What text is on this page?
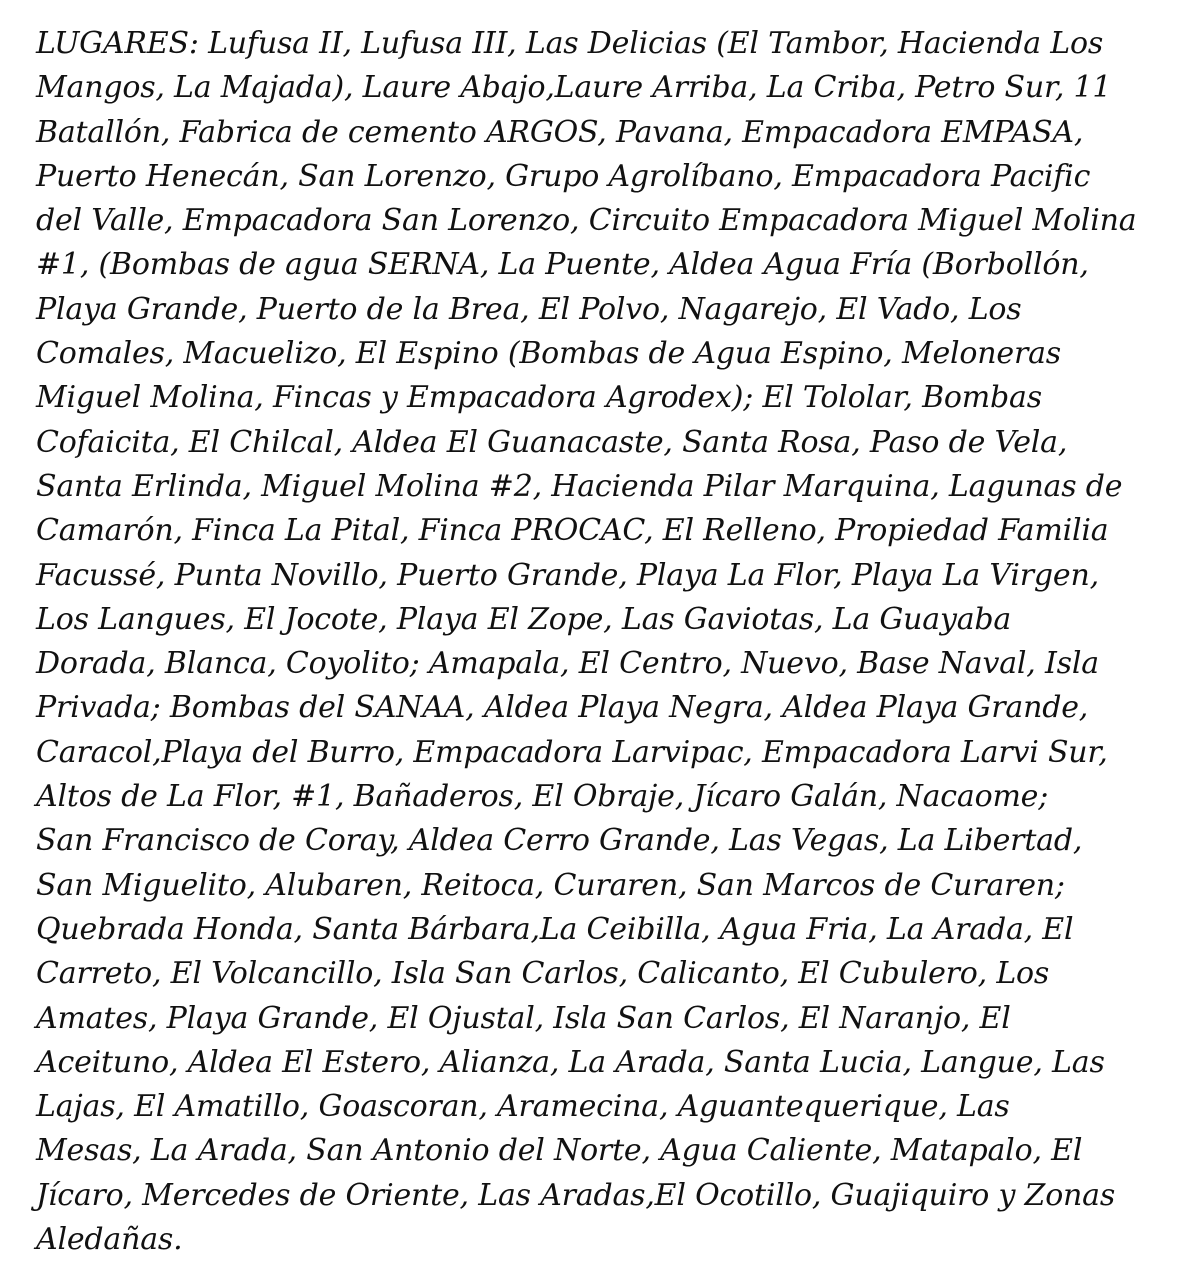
LUGARES: Lufusa II, Lufusa III, Las Delicias (El Tambor, Hacienda Los
Mangos, La Majada), Laure Abajo,Laure Arriba, La Criba, Petro Sur, 11
Batallón, Fabrica de cemento ARGOS, Pavana, Empacadora EMPASA,
Puerto Henecán, San Lorenzo, Grupo Agrolíbano, Empacadora Pacific
del Valle, Empacadora San Lorenzo, Circuito Empacadora Miguel Molina
#1, (Bombas de agua SERNA, La Puente, Aldea Agua Fría (Borbollón,
Playa Grande, Puerto de la Brea, El Polvo, Nagarejo, El Vado, Los
Comales, Macuelizo, El Espino (Bombas de Agua Espino, Meloneras
Miguel Molina, Fincas y Empacadora Agrodex); El Tololar, Bombas
Cofaicita, El Chilcal, Aldea El Guanacaste, Santa Rosa, Paso de Vela,
Santa Erlinda, Miguel Molina #2, Hacienda Pilar Marquina, Lagunas de
Camarón, Finca La Pital, Finca PROCAC, El Relleno, Propiedad Familia
Facussé, Punta Novillo, Puerto Grande, Playa La Flor, Playa La Virgen,
Los Langues, El Jocote, Playa El Zope, Las Gaviotas, La Guayaba
Dorada, Blanca, Coyolito; Amapala, El Centro, Nuevo, Base Naval, Isla
Privada; Bombas del SANAA, Aldea Playa Negra, Aldea Playa Grande,
Caracol,Playa del Burro, Empacadora Larvipac, Empacadora Larvi Sur,
Altos de La Flor, #1, Bañaderos, El Obraje, Jícaro Galán, Nacaome;
San Francisco de Coray, Aldea Cerro Grande, Las Vegas, La Libertad,
San Miguelito, Alubaren, Reitoca, Curaren, San Marcos de Curaren;
Quebrada Honda, Santa Bárbara,La Ceibilla, Agua Fria, La Arada, El
Carreto, El Volcancillo, Isla San Carlos, Calicanto, El Cubulero, Los
Amates, Playa Grande, El Ojustal, Isla San Carlos, El Naranjo, El
Aceituno, Aldea El Estero, Alianza, La Arada, Santa Lucia, Langue, Las
Lajas, El Amatillo, Goascoran, Aramecina, Aguantequerique, Las
Mesas, La Arada, San Antonio del Norte, Agua Caliente, Matapalo, El
Jícaro, Mercedes de Oriente, Las Aradas,El Ocotillo, Guajiquiro y Zonas
Aledañas.
